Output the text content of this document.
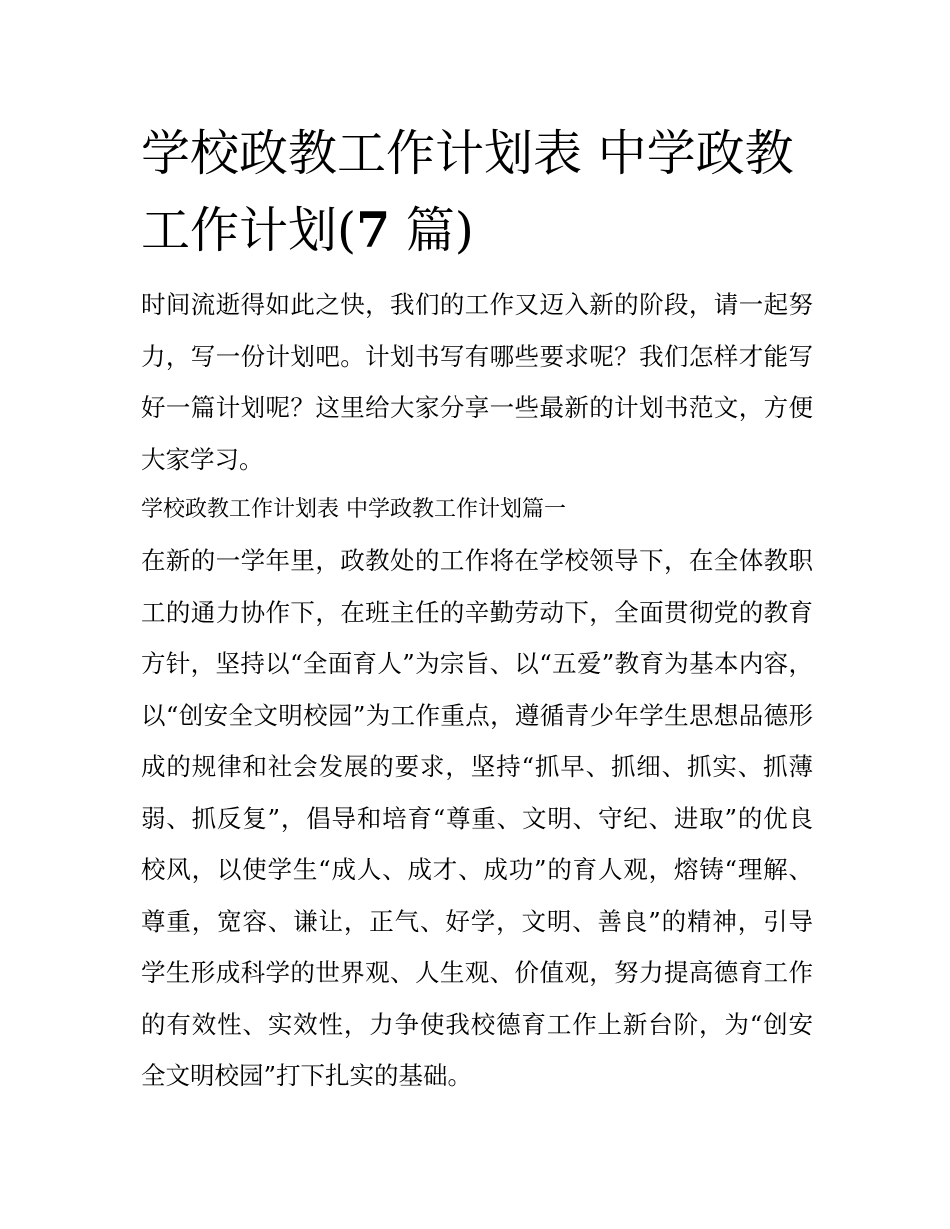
学校政教工作计划表 中学政教工作计划(7 篇)

时间流逝得如此之快，我们的工作又迈入新的阶段，请一起努力，写一份计划吧。计划书写有哪些要求呢？我们怎样才能写好一篇计划呢？这里给大家分享一些最新的计划书范文，方便大家学习。

学校政教工作计划表 中学政教工作计划篇一

在新的一学年里，政教处的工作将在学校领导下，在全体教职工的通力协作下，在班主任的辛勤劳动下，全面贯彻党的教育方针，坚持以“全面育人”为宗旨、以“五爱”教育为基本内容，以“创安全文明校园”为工作重点，遵循青少年学生思想品德形成的规律和社会发展的要求，坚持“抓早、抓细、抓实、抓薄弱、抓反复”，倡导和培育“尊重、文明、守纪、进取”的优良校风，以使学生“成人、成才、成功”的育人观，熔铸“理解、尊重，宽容、谦让，正气、好学，文明、善良”的精神，引导学生形成科学的世界观、人生观、价值观，努力提高德育工作的有效性、实效性，力争使我校德育工作上新台阶，为“创安全文明校园”打下扎实的基础。
